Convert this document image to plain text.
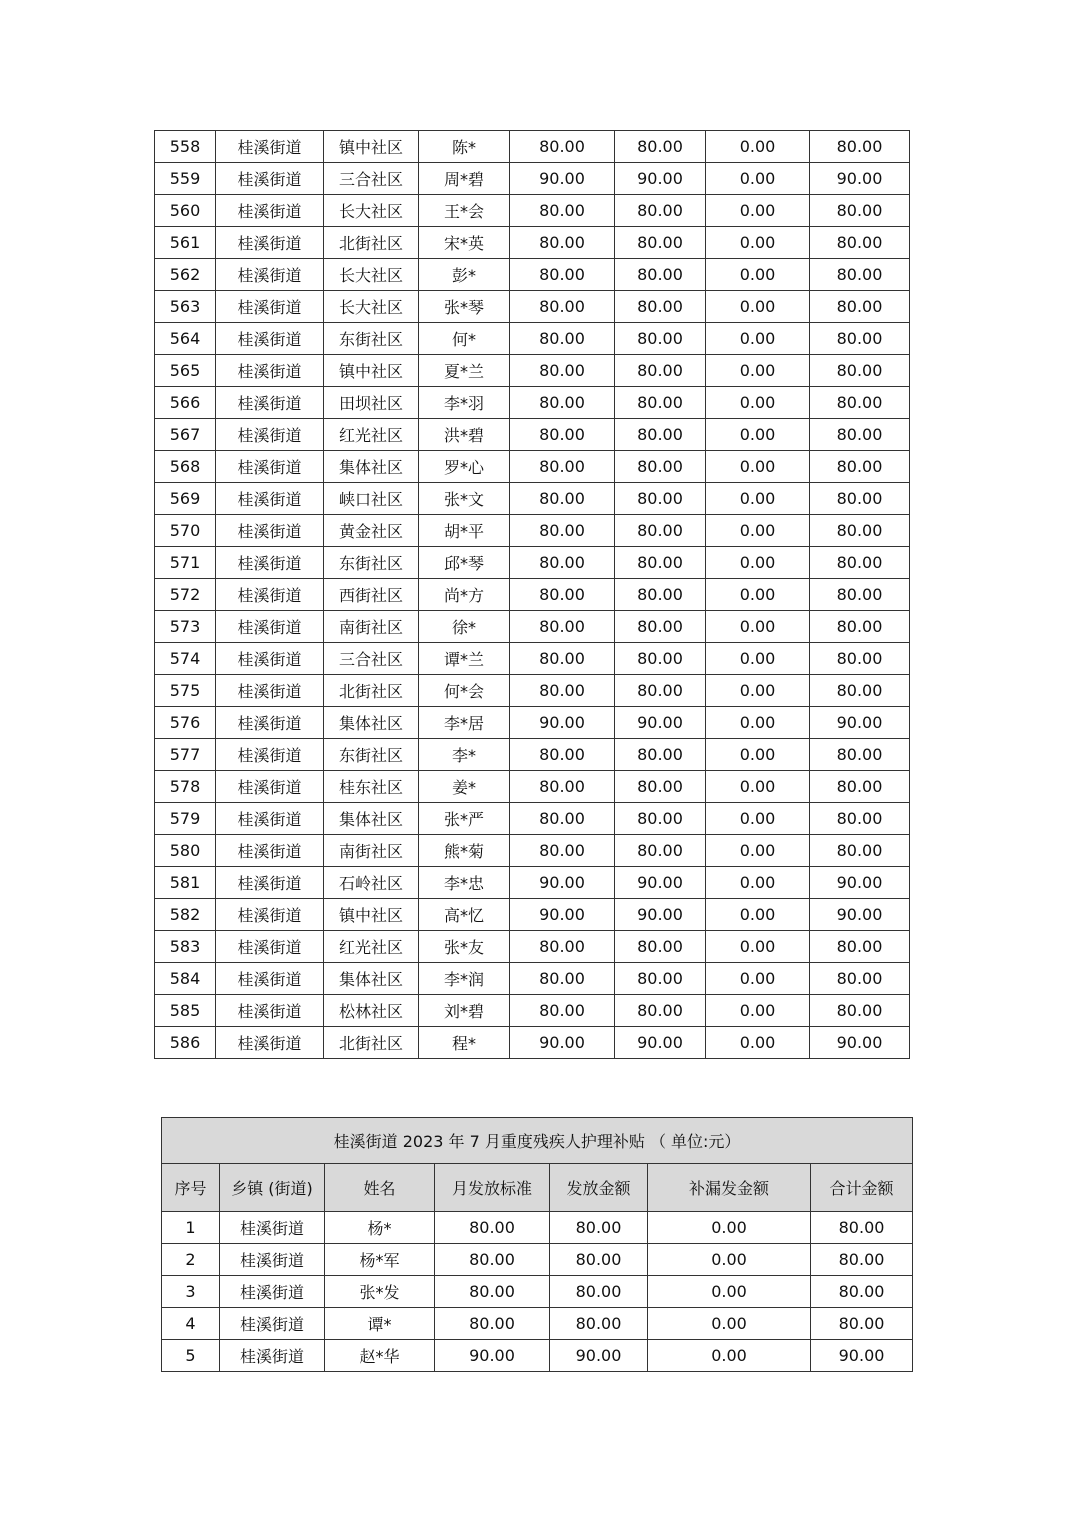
558	桂溪街道	镇中社区	陈*	80.00	80.00	0.00	80.00
559	桂溪街道	三合社区	周*碧	90.00	90.00	0.00	90.00
560	桂溪街道	长大社区	王*会	80.00	80.00	0.00	80.00
561	桂溪街道	北街社区	宋*英	80.00	80.00	0.00	80.00
562	桂溪街道	长大社区	彭*	80.00	80.00	0.00	80.00
563	桂溪街道	长大社区	张*琴	80.00	80.00	0.00	80.00
564	桂溪街道	东街社区	何*	80.00	80.00	0.00	80.00
565	桂溪街道	镇中社区	夏*兰	80.00	80.00	0.00	80.00
566	桂溪街道	田坝社区	李*羽	80.00	80.00	0.00	80.00
567	桂溪街道	红光社区	洪*碧	80.00	80.00	0.00	80.00
568	桂溪街道	集体社区	罗*心	80.00	80.00	0.00	80.00
569	桂溪街道	峡口社区	张*文	80.00	80.00	0.00	80.00
570	桂溪街道	黄金社区	胡*平	80.00	80.00	0.00	80.00
571	桂溪街道	东街社区	邱*琴	80.00	80.00	0.00	80.00
572	桂溪街道	西街社区	尚*方	80.00	80.00	0.00	80.00
573	桂溪街道	南街社区	徐*	80.00	80.00	0.00	80.00
574	桂溪街道	三合社区	谭*兰	80.00	80.00	0.00	80.00
575	桂溪街道	北街社区	何*会	80.00	80.00	0.00	80.00
576	桂溪街道	集体社区	李*居	90.00	90.00	0.00	90.00
577	桂溪街道	东街社区	李*	80.00	80.00	0.00	80.00
578	桂溪街道	桂东社区	姜*	80.00	80.00	0.00	80.00
579	桂溪街道	集体社区	张*严	80.00	80.00	0.00	80.00
580	桂溪街道	南街社区	熊*菊	80.00	80.00	0.00	80.00
581	桂溪街道	石岭社区	李*忠	90.00	90.00	0.00	90.00
582	桂溪街道	镇中社区	高*忆	90.00	90.00	0.00	90.00
583	桂溪街道	红光社区	张*友	80.00	80.00	0.00	80.00
584	桂溪街道	集体社区	李*润	80.00	80.00	0.00	80.00
585	桂溪街道	松林社区	刘*碧	80.00	80.00	0.00	80.00
586	桂溪街道	北街社区	程*	90.00	90.00	0.00	90.00
桂溪街道 2023 年 7 月重度残疾人护理补贴 （ 单位:元）						
序号	乡镇 (街道)	姓名	月发放标准	发放金额	补漏发金额	合计金额
1	桂溪街道	杨*	80.00	80.00	0.00	80.00
2	桂溪街道	杨*军	80.00	80.00	0.00	80.00
3	桂溪街道	张*发	80.00	80.00	0.00	80.00
4	桂溪街道	谭*	80.00	80.00	0.00	80.00
5	桂溪街道	赵*华	90.00	90.00	0.00	90.00
